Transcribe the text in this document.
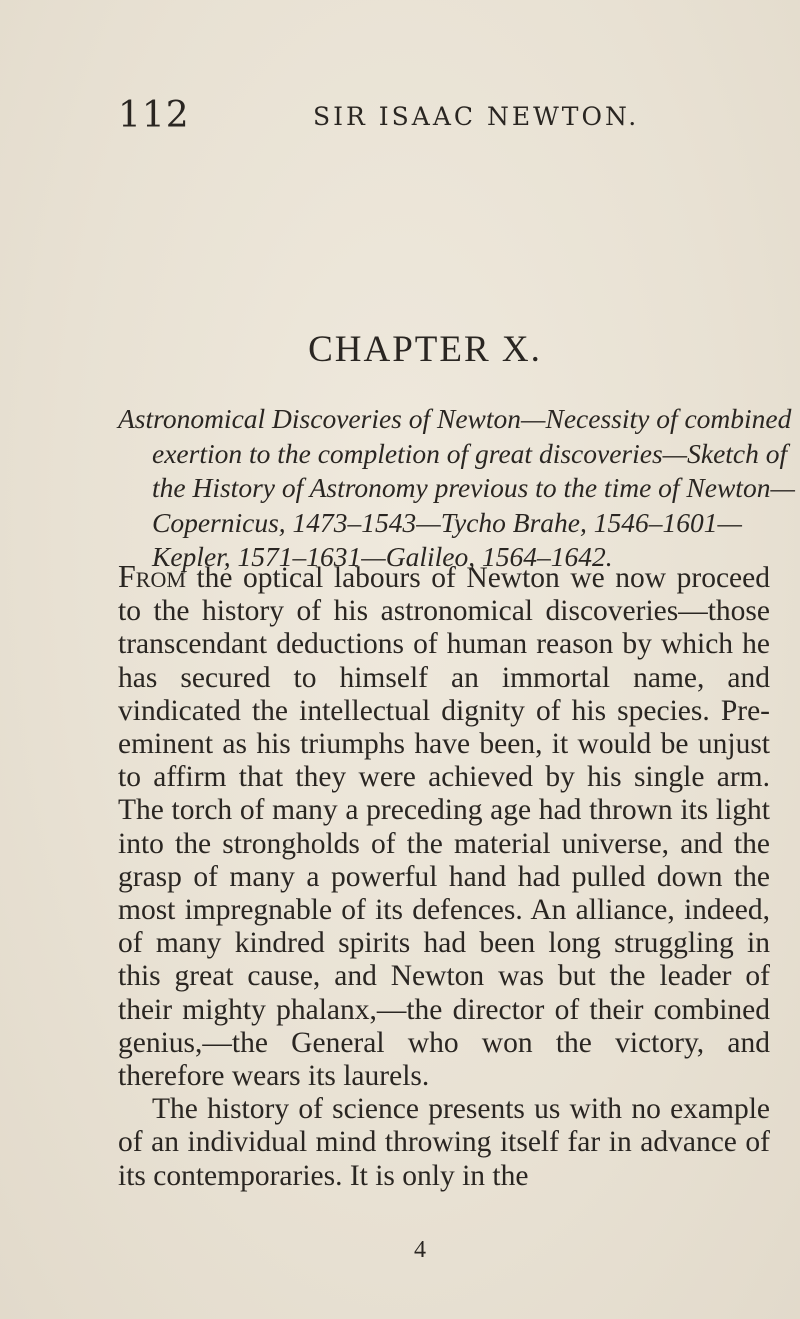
112	SIR ISAAC NEWTON.
CHAPTER X.
Astronomical Discoveries of Newton—Necessity of combined exertion to the completion of great discoveries—Sketch of the History of Astronomy previous to the time of Newton—Copernicus, 1473–1543—Tycho Brahe, 1546–1601—Kepler, 1571–1631—Galileo, 1564–1642.

From the optical labours of Newton we now proceed to the history of his astronomical discoveries—those transcendant deductions of human reason by which he has secured to himself an immortal name, and vindicated the intellectual dignity of his species. Pre-eminent as his triumphs have been, it would be unjust to affirm that they were achieved by his single arm. The torch of many a preceding age had thrown its light into the strongholds of the material universe, and the grasp of many a powerful hand had pulled down the most impregnable of its defences. An alliance, indeed, of many kindred spirits had been long struggling in this great cause, and Newton was but the leader of their mighty phalanx,—the director of their combined genius,—the General who won the victory, and therefore wears its laurels.

The history of science presents us with no example of an individual mind throwing itself far in advance of its contemporaries. It is only in the

4
